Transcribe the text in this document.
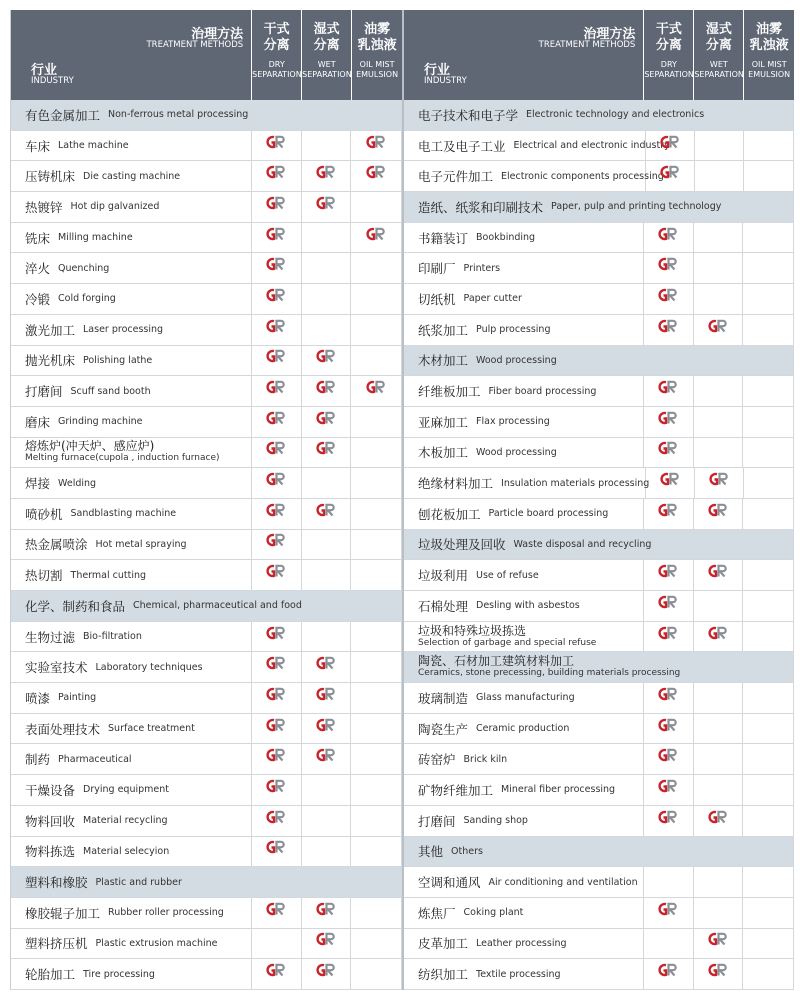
治理方法
TREATMENT METHODS
行业
INDUSTRY
干式
分离
DRY
SEPARATION
湿式
分离
WET
SEPARATION
油雾
乳浊液
OIL MIST
EMULSION
有色金属加工 Non-ferrous metal processing
车床 Lathe machine
压铸机床 Die casting machine
热镀锌 Hot dip galvanized
铣床 Milling machine
淬火 Quenching
冷锻 Cold forging
激光加工 Laser processing
抛光机床 Polishing lathe
打磨间 Scuff sand booth
磨床 Grinding machine
熔炼炉(冲天炉、感应炉)
Melting furnace(cupola , induction furnace)
焊接 Welding
喷砂机 Sandblasting machine
热金属喷涂 Hot metal spraying
热切割 Thermal cutting
化学、制药和食品 Chemical, pharmaceutical and food
生物过滤 Bio-filtration
实验室技术 Laboratory techniques
喷漆 Painting
表面处理技术 Surface treatment
制药 Pharmaceutical
干燥设备 Drying equipment
物料回收 Material recycling
物料拣选 Material selecyion
塑料和橡胶 Plastic and rubber
橡胶辊子加工 Rubber roller processing
塑料挤压机 Plastic extrusion machine
轮胎加工 Tire processing
治理方法
TREATMENT METHODS
行业
INDUSTRY
干式
分离
DRY
SEPARATION
湿式
分离
WET
SEPARATION
油雾
乳浊液
OIL MIST
EMULSION
电子技术和电子学 Electronic technology and electronics
电工及电子工业 Electrical and electronic industry
电子元件加工 Electronic components processing
造纸、纸浆和印刷技术 Paper, pulp and printing technology
书籍装订 Bookbinding
印刷厂 Printers
切纸机 Paper cutter
纸浆加工 Pulp processing
木材加工 Wood processing
纤维板加工 Fiber board processing
亚麻加工 Flax processing
木板加工 Wood processing
绝缘材料加工 Insulation materials processing
刨花板加工 Particle board processing
垃圾处理及回收 Waste disposal and recycling
垃圾利用 Use of refuse
石棉处理 Desling with asbestos
垃圾和特殊垃圾拣选
Selection of garbage and special refuse
陶瓷、石材加工建筑材料加工
Ceramics, stone precessing, building materials processing
玻璃制造 Glass manufacturing
陶瓷生产 Ceramic production
砖窑炉 Brick kiln
矿物纤维加工 Mineral fiber processing
打磨间 Sanding shop
其他 Others
空调和通风 Air conditioning and ventilation
炼焦厂 Coking plant
皮革加工 Leather processing
纺织加工 Textile processing
